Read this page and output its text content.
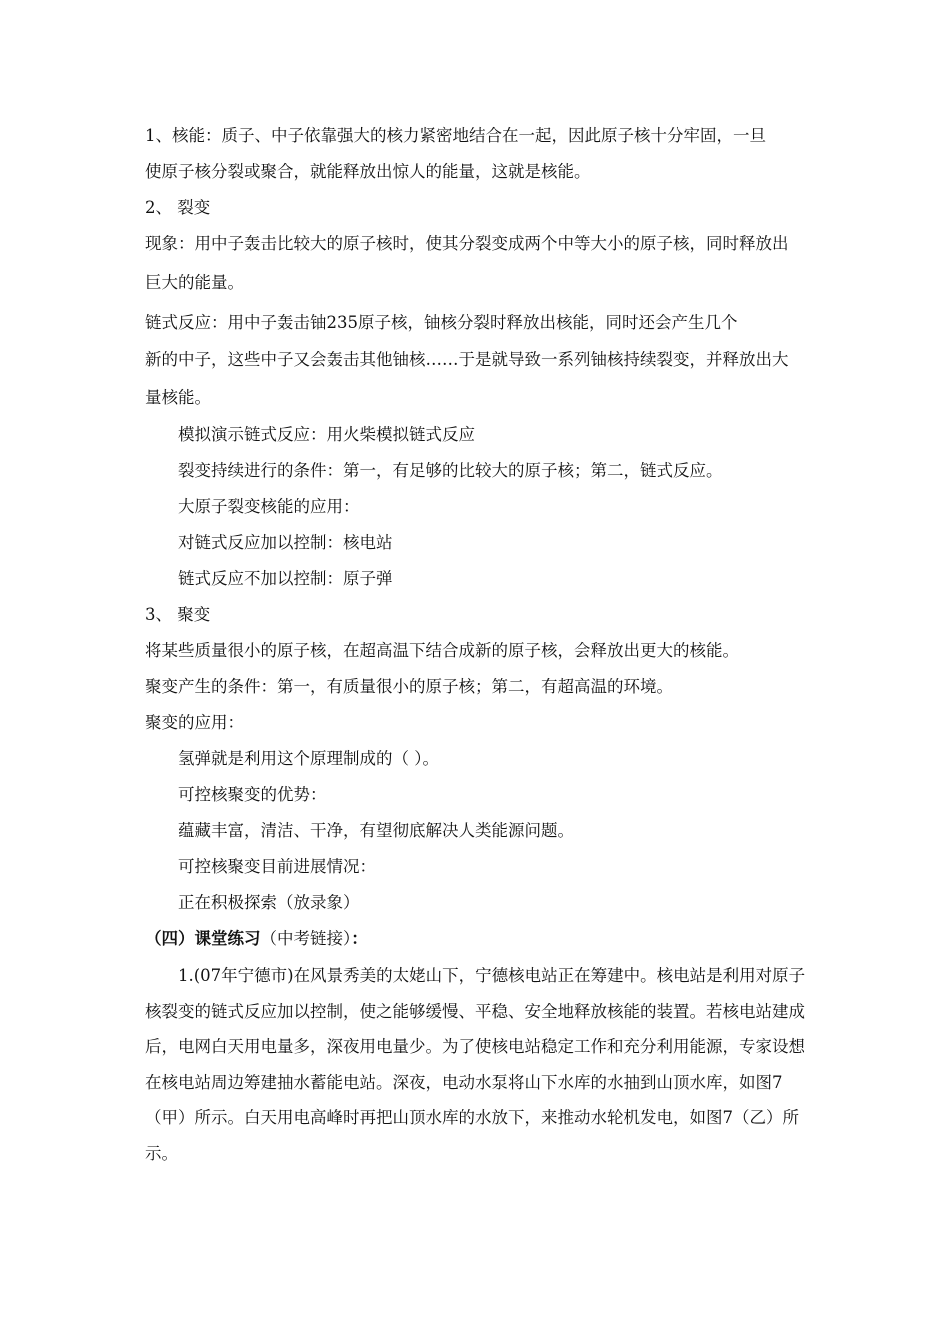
1、核能：质子、中子依靠强大的核力紧密地结合在一起，因此原子核十分牢固，一旦
使原子核分裂或聚合，就能释放出惊人的能量，这就是核能。
2、 裂变
现象：用中子轰击比较大的原子核时，使其分裂变成两个中等大小的原子核，同时释放出
巨大的能量。
链式反应：用中子轰击铀235原子核，铀核分裂时释放出核能，同时还会产生几个
新的中子，这些中子又会轰击其他铀核……于是就导致一系列铀核持续裂变，并释放出大
量核能。
模拟演示链式反应：用火柴模拟链式反应
裂变持续进行的条件：第一，有足够的比较大的原子核；第二，链式反应。
大原子裂变核能的应用：
对链式反应加以控制：核电站
链式反应不加以控制：原子弹
3、 聚变
将某些质量很小的原子核，在超高温下结合成新的原子核，会释放出更大的核能。
聚变产生的条件：第一，有质量很小的原子核；第二，有超高温的环境。
聚变的应用：
氢弹就是利用这个原理制成的（ ）。
可控核聚变的优势：
蕴藏丰富，清洁、干净，有望彻底解决人类能源问题。
可控核聚变目前进展情况：
正在积极探索（放录象）
（四）课堂练习（中考链接）：
1.(07年宁德市)在风景秀美的太姥山下，宁德核电站正在筹建中。核电站是利用对原子核裂变的链式反应加以控制，使之能够缓慢、平稳、安全地释放核能的装置。若核电站建成后，电网白天用电量多，深夜用电量少。为了使核电站稳定工作和充分利用能源，专家设想在核电站周边筹建抽水蓄能电站。深夜，电动水泵将山下水库的水抽到山顶水库，如图7（甲）所示。白天用电高峰时再把山顶水库的水放下，来推动水轮机发电，如图7（乙）所示。
